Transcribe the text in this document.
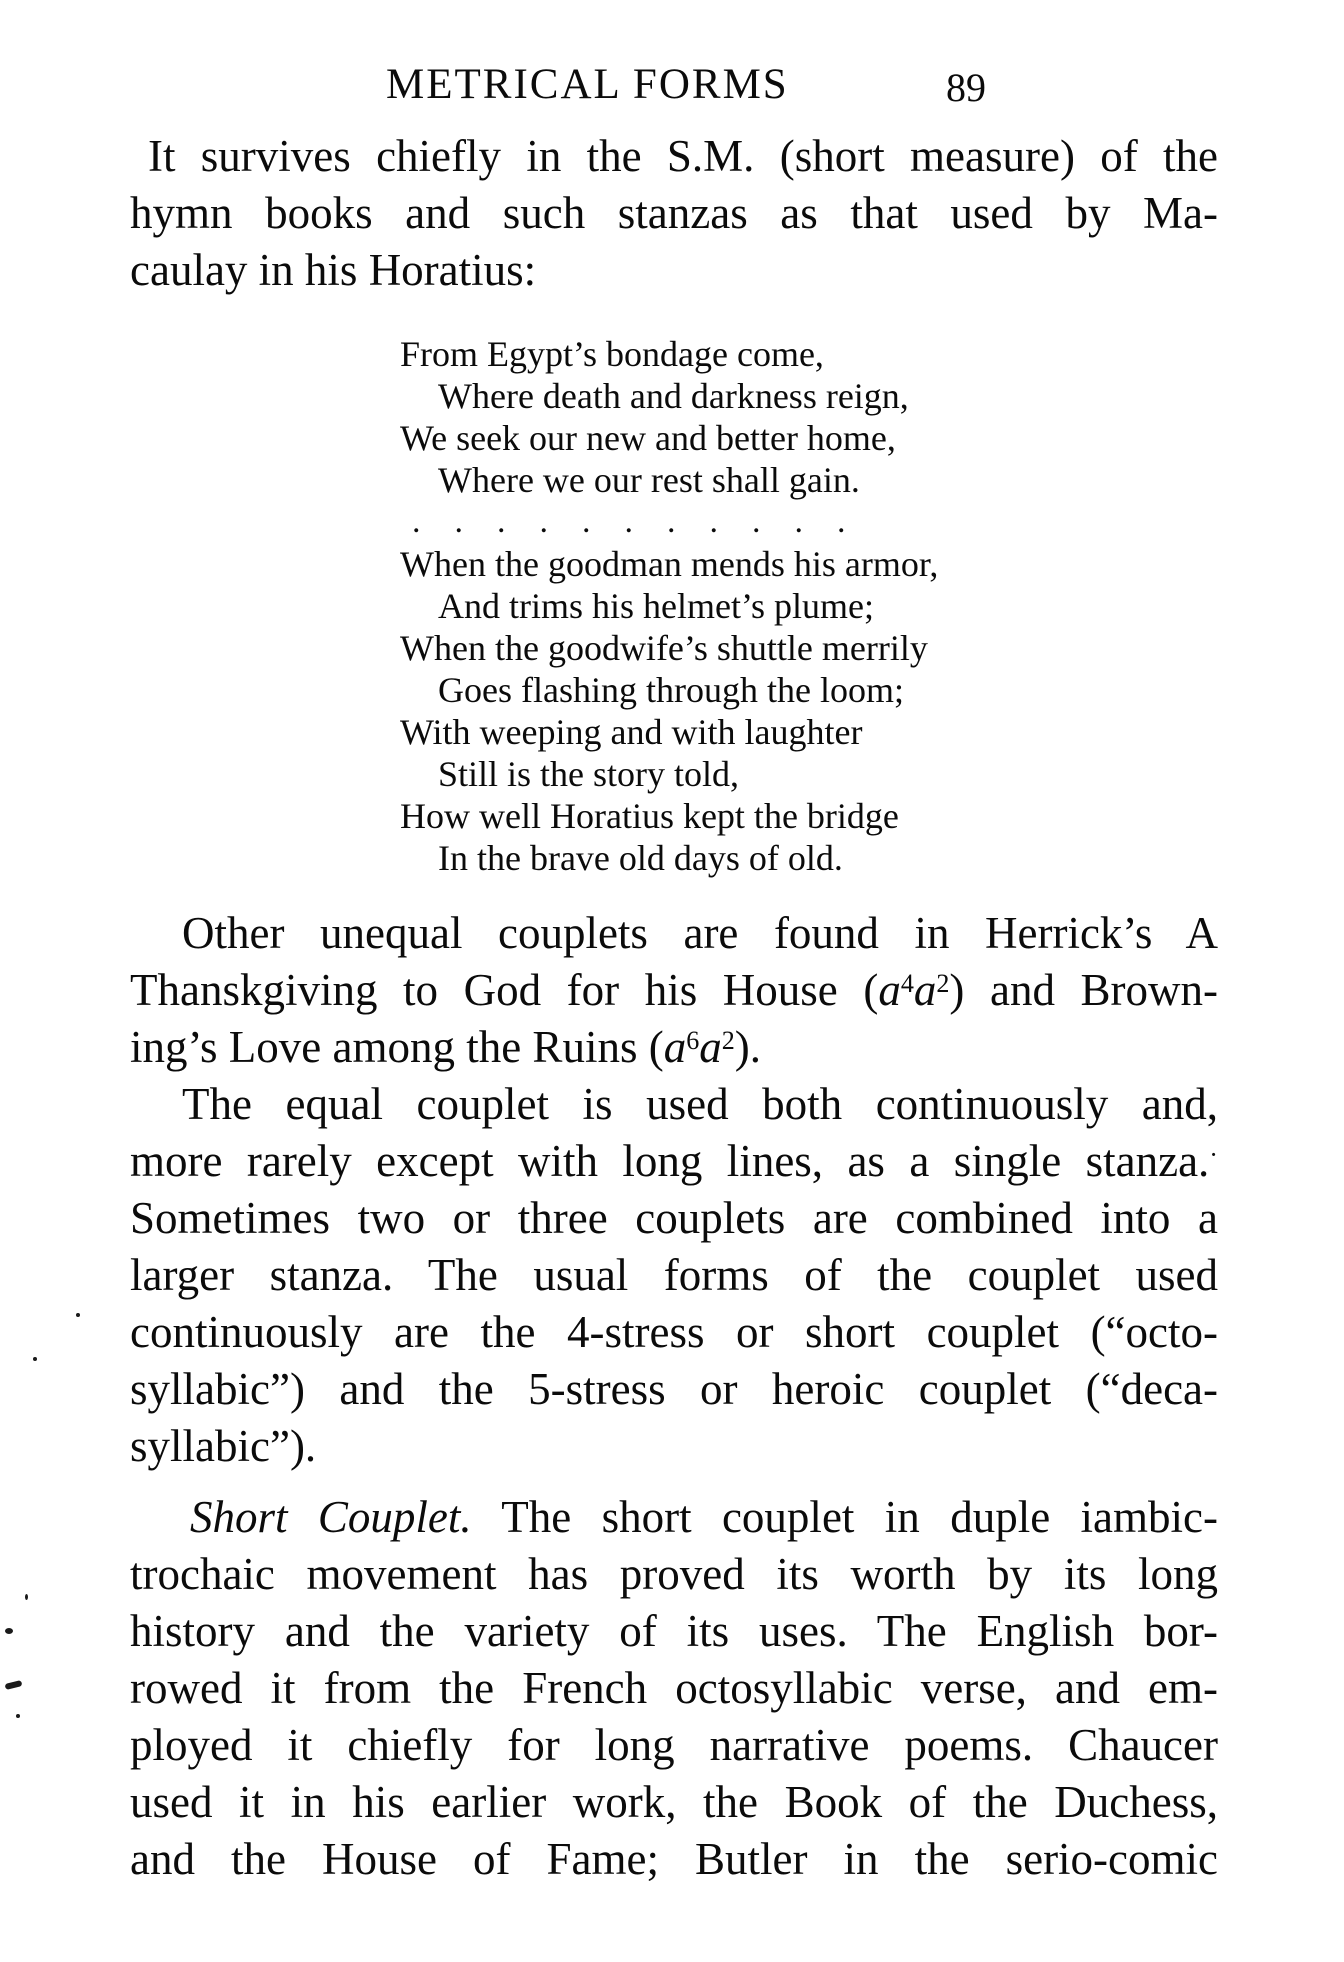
METRICAL FORMS	89
It survives chiefly in the S.M. (short measure) of the
hymn books and such stanzas as that used by Ma-
caulay in his Horatius:
From Egypt’s bondage come,
Where death and darkness reign,
We seek our new and better home,
Where we our rest shall gain.
...........
When the goodman mends his armor,
And trims his helmet’s plume;
When the goodwife’s shuttle merrily
Goes flashing through the loom;
With weeping and with laughter
Still is the story told,
How well Horatius kept the bridge
In the brave old days of old.
Other unequal couplets are found in Herrick’s A
Thanskgiving to God for his House $(a^4a^2)$ and Brown-
ing’s Love among the Ruins $(a^6a^2)$.
The equal couplet is used both continuously and,
more rarely except with long lines, as a single stanza.·
Sometimes two or three couplets are combined into a
larger stanza. The usual forms of the couplet used
continuously are the 4-stress or short couplet (“octo-
syllabic”) and the 5-stress or heroic couplet (“deca-
syllabic”).
Short Couplet. The short couplet in duple iambic-
trochaic movement has proved its worth by its long
history and the variety of its uses. The English bor-
rowed it from the French octosyllabic verse, and em-
ployed it chiefly for long narrative poems. Chaucer
used it in his earlier work, the Book of the Duchess,
and the House of Fame; Butler in the serio-comic
